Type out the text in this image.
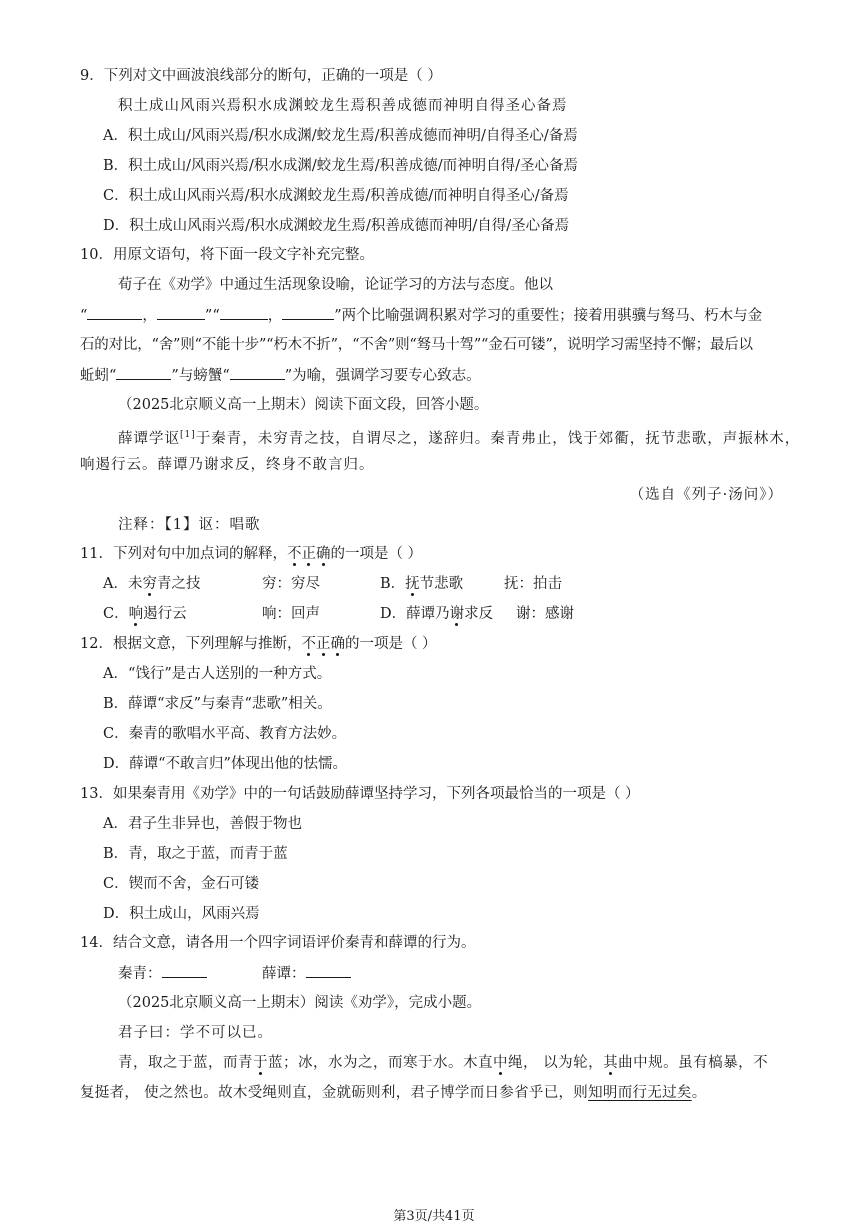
9．下列对文中画波浪线部分的断句，正确的一项是（ ）
积土成山风雨兴焉积水成渊蛟龙生焉积善成德而神明自得圣心备焉
A．积土成山/风雨兴焉/积水成渊/蛟龙生焉/积善成德而神明/自得圣心/备焉
B．积土成山/风雨兴焉/积水成渊/蛟龙生焉/积善成德/而神明自得/圣心备焉
C．积土成山风雨兴焉/积水成渊蛟龙生焉/积善成德/而神明自得圣心/备焉
D．积土成山风雨兴焉/积水成渊蛟龙生焉/积善成德而神明/自得/圣心备焉
10．用原文语句，将下面一段文字补充完整。
荀子在《劝学》中通过生活现象设喻，论证学习的方法与态度。他以
“	，	”“	，	”两个比喻强调积累对学习的重要性；接着用骐骥与驽马、朽木与金
石的对比，“舍”则“不能十步”“朽木不折”，“不舍”则“驽马十驾”“金石可镂”，说明学习需坚持不懈；最后以
蚯蚓“	”与螃蟹“	”为喻，强调学习要专心致志。
（2025北京顺义高一上期末）阅读下面文段，回答小题。
薛谭学讴[1]于秦青，未穷青之技，自谓尽之，遂辞归。秦青弗止，饯于郊衢，抚节悲歌，声振林木，
响遏行云。薛谭乃谢求反，终身不敢言归。
（选自《列子·汤问》）
注释：【1】讴：唱歌
11．下列对句中加点词的解释，不正确的一项是（ ）
A．未穷青之技	穷：穷尽	B．抚节悲歌	抚：拍击
C．响遏行云	响：回声	D．薛谭乃谢求反 谢：感谢
12．根据文意，下列理解与推断，不正确的一项是（ ）
A．“饯行”是古人送别的一种方式。
B．薛谭“求反”与秦青“悲歌”相关。
C．秦青的歌唱水平高、教育方法妙。
D．薛谭“不敢言归”体现出他的怯懦。
13．如果秦青用《劝学》中的一句话鼓励薛谭坚持学习，下列各项最恰当的一项是（ ）
A．君子生非异也，善假于物也
B．青，取之于蓝，而青于蓝
C．锲而不舍，金石可镂
D．积土成山，风雨兴焉
14．结合文意，请各用一个四字词语评价秦青和薛谭的行为。
秦青：	薛谭：
（2025北京顺义高一上期末）阅读《劝学》，完成小题。
君子曰：学不可以已。
青，取之于蓝，而青于蓝；冰，水为之，而寒于水。木直中绳， 以为轮，其曲中规。虽有槁暴，不
复挺者， 使之然也。故木受绳则直，金就砺则利，君子博学而日参省乎已，则知明而行无过矣。
第3页/共41页
